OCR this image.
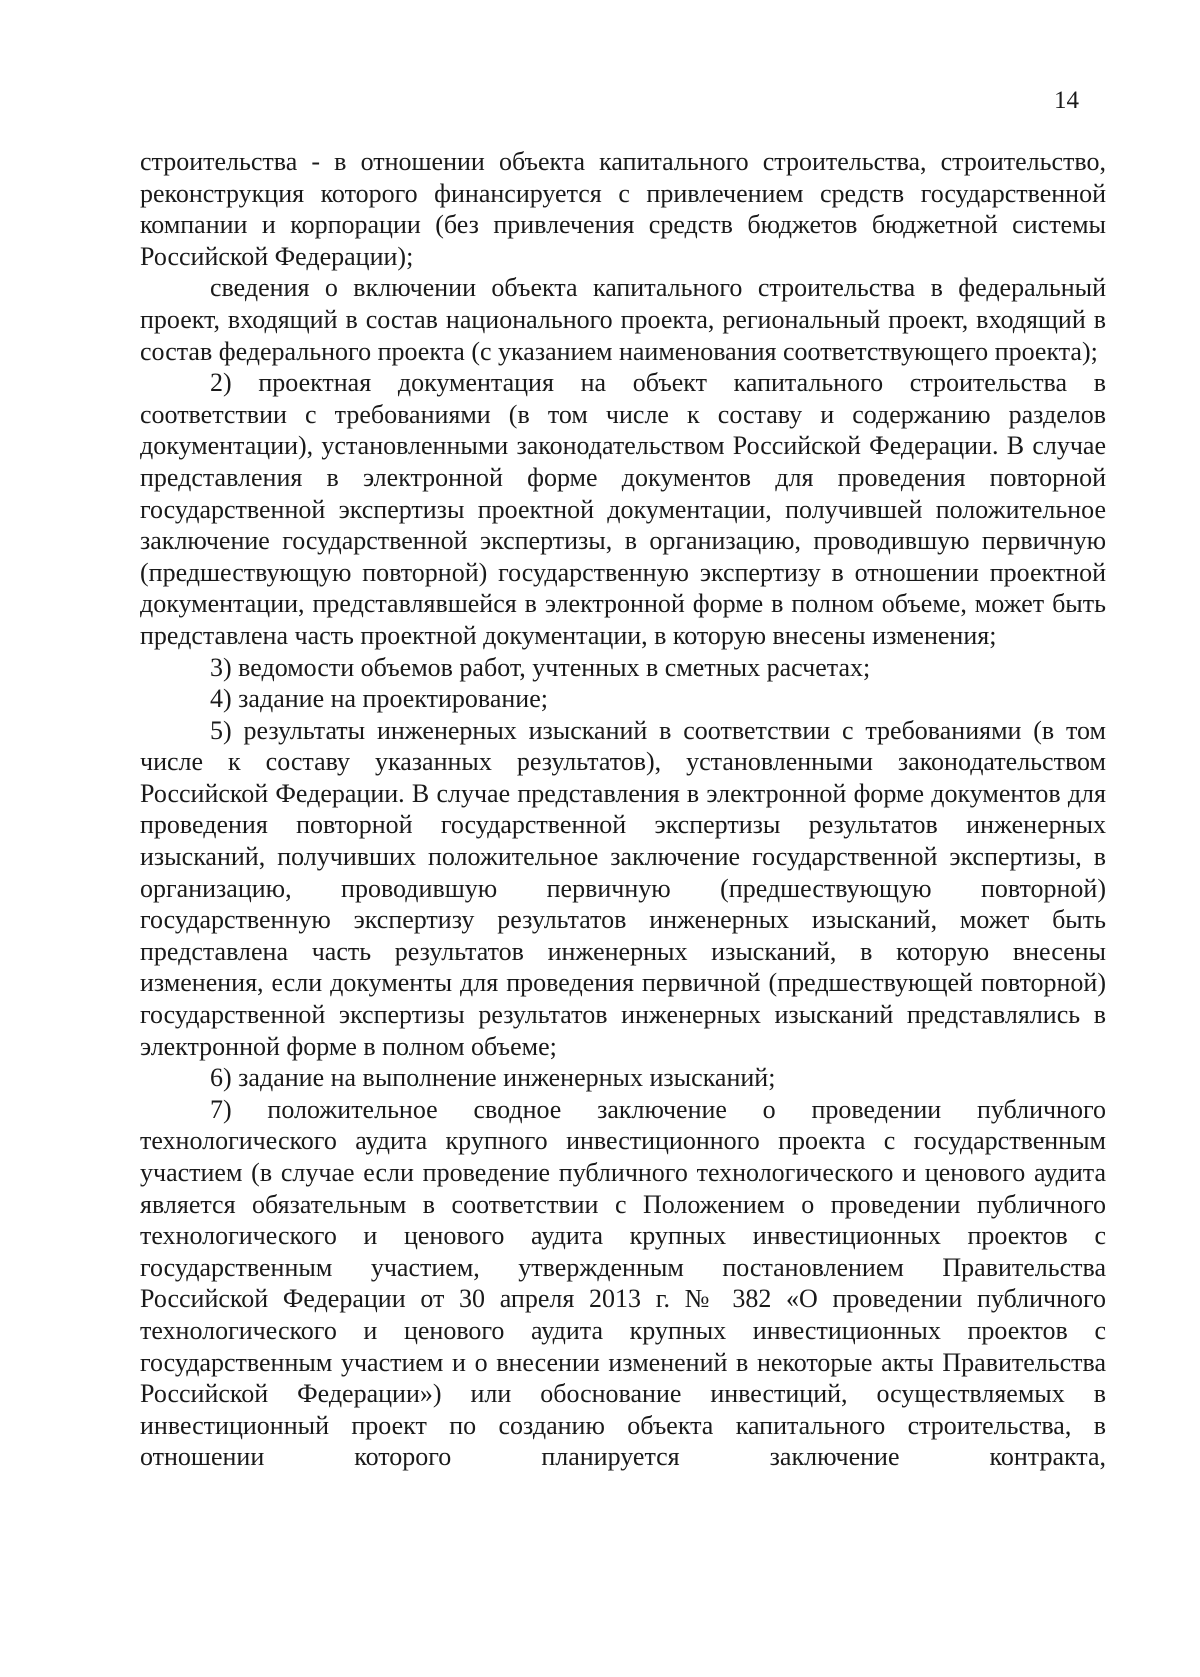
14

строительства - в отношении объекта капитального строительства, строительство, реконструкция которого финансируется с привлечением средств государственной компании и корпорации (без привлечения средств бюджетов бюджетной системы Российской Федерации);

сведения о включении объекта капитального строительства в федеральный проект, входящий в состав национального проекта, региональный проект, входящий в состав федерального проекта (с указанием наименования соответствующего проекта);

2) проектная документация на объект капитального строительства в соответствии с требованиями (в том числе к составу и содержанию разделов документации), установленными законодательством Российской Федерации. В случае представления в электронной форме документов для проведения повторной государственной экспертизы проектной документации, получившей положительное заключение государственной экспертизы, в организацию, проводившую первичную (предшествующую повторной) государственную экспертизу в отношении проектной документации, представлявшейся в электронной форме в полном объеме, может быть представлена часть проектной документации, в которую внесены изменения;

3) ведомости объемов работ, учтенных в сметных расчетах;

4) задание на проектирование;

5) результаты инженерных изысканий в соответствии с требованиями (в том числе к составу указанных результатов), установленными законодательством Российской Федерации. В случае представления в электронной форме документов для проведения повторной государственной экспертизы результатов инженерных изысканий, получивших положительное заключение государственной экспертизы, в организацию, проводившую первичную (предшествующую повторной) государственную экспертизу результатов инженерных изысканий, может быть представлена часть результатов инженерных изысканий, в которую внесены изменения, если документы для проведения первичной (предшествующей повторной) государственной экспертизы результатов инженерных изысканий представлялись в электронной форме в полном объеме;

6) задание на выполнение инженерных изысканий;

7) положительное сводное заключение о проведении публичного технологического аудита крупного инвестиционного проекта с государственным участием (в случае если проведение публичного технологического и ценового аудита является обязательным в соответствии с Положением о проведении публичного технологического и ценового аудита крупных инвестиционных проектов с государственным участием, утвержденным постановлением Правительства Российской Федерации от 30 апреля 2013 г. № 382 «О проведении публичного технологического и ценового аудита крупных инвестиционных проектов с государственным участием и о внесении изменений в некоторые акты Правительства Российской Федерации») или обоснование инвестиций, осуществляемых в инвестиционный проект по созданию объекта капитального строительства, в отношении которого планируется заключение контракта,
